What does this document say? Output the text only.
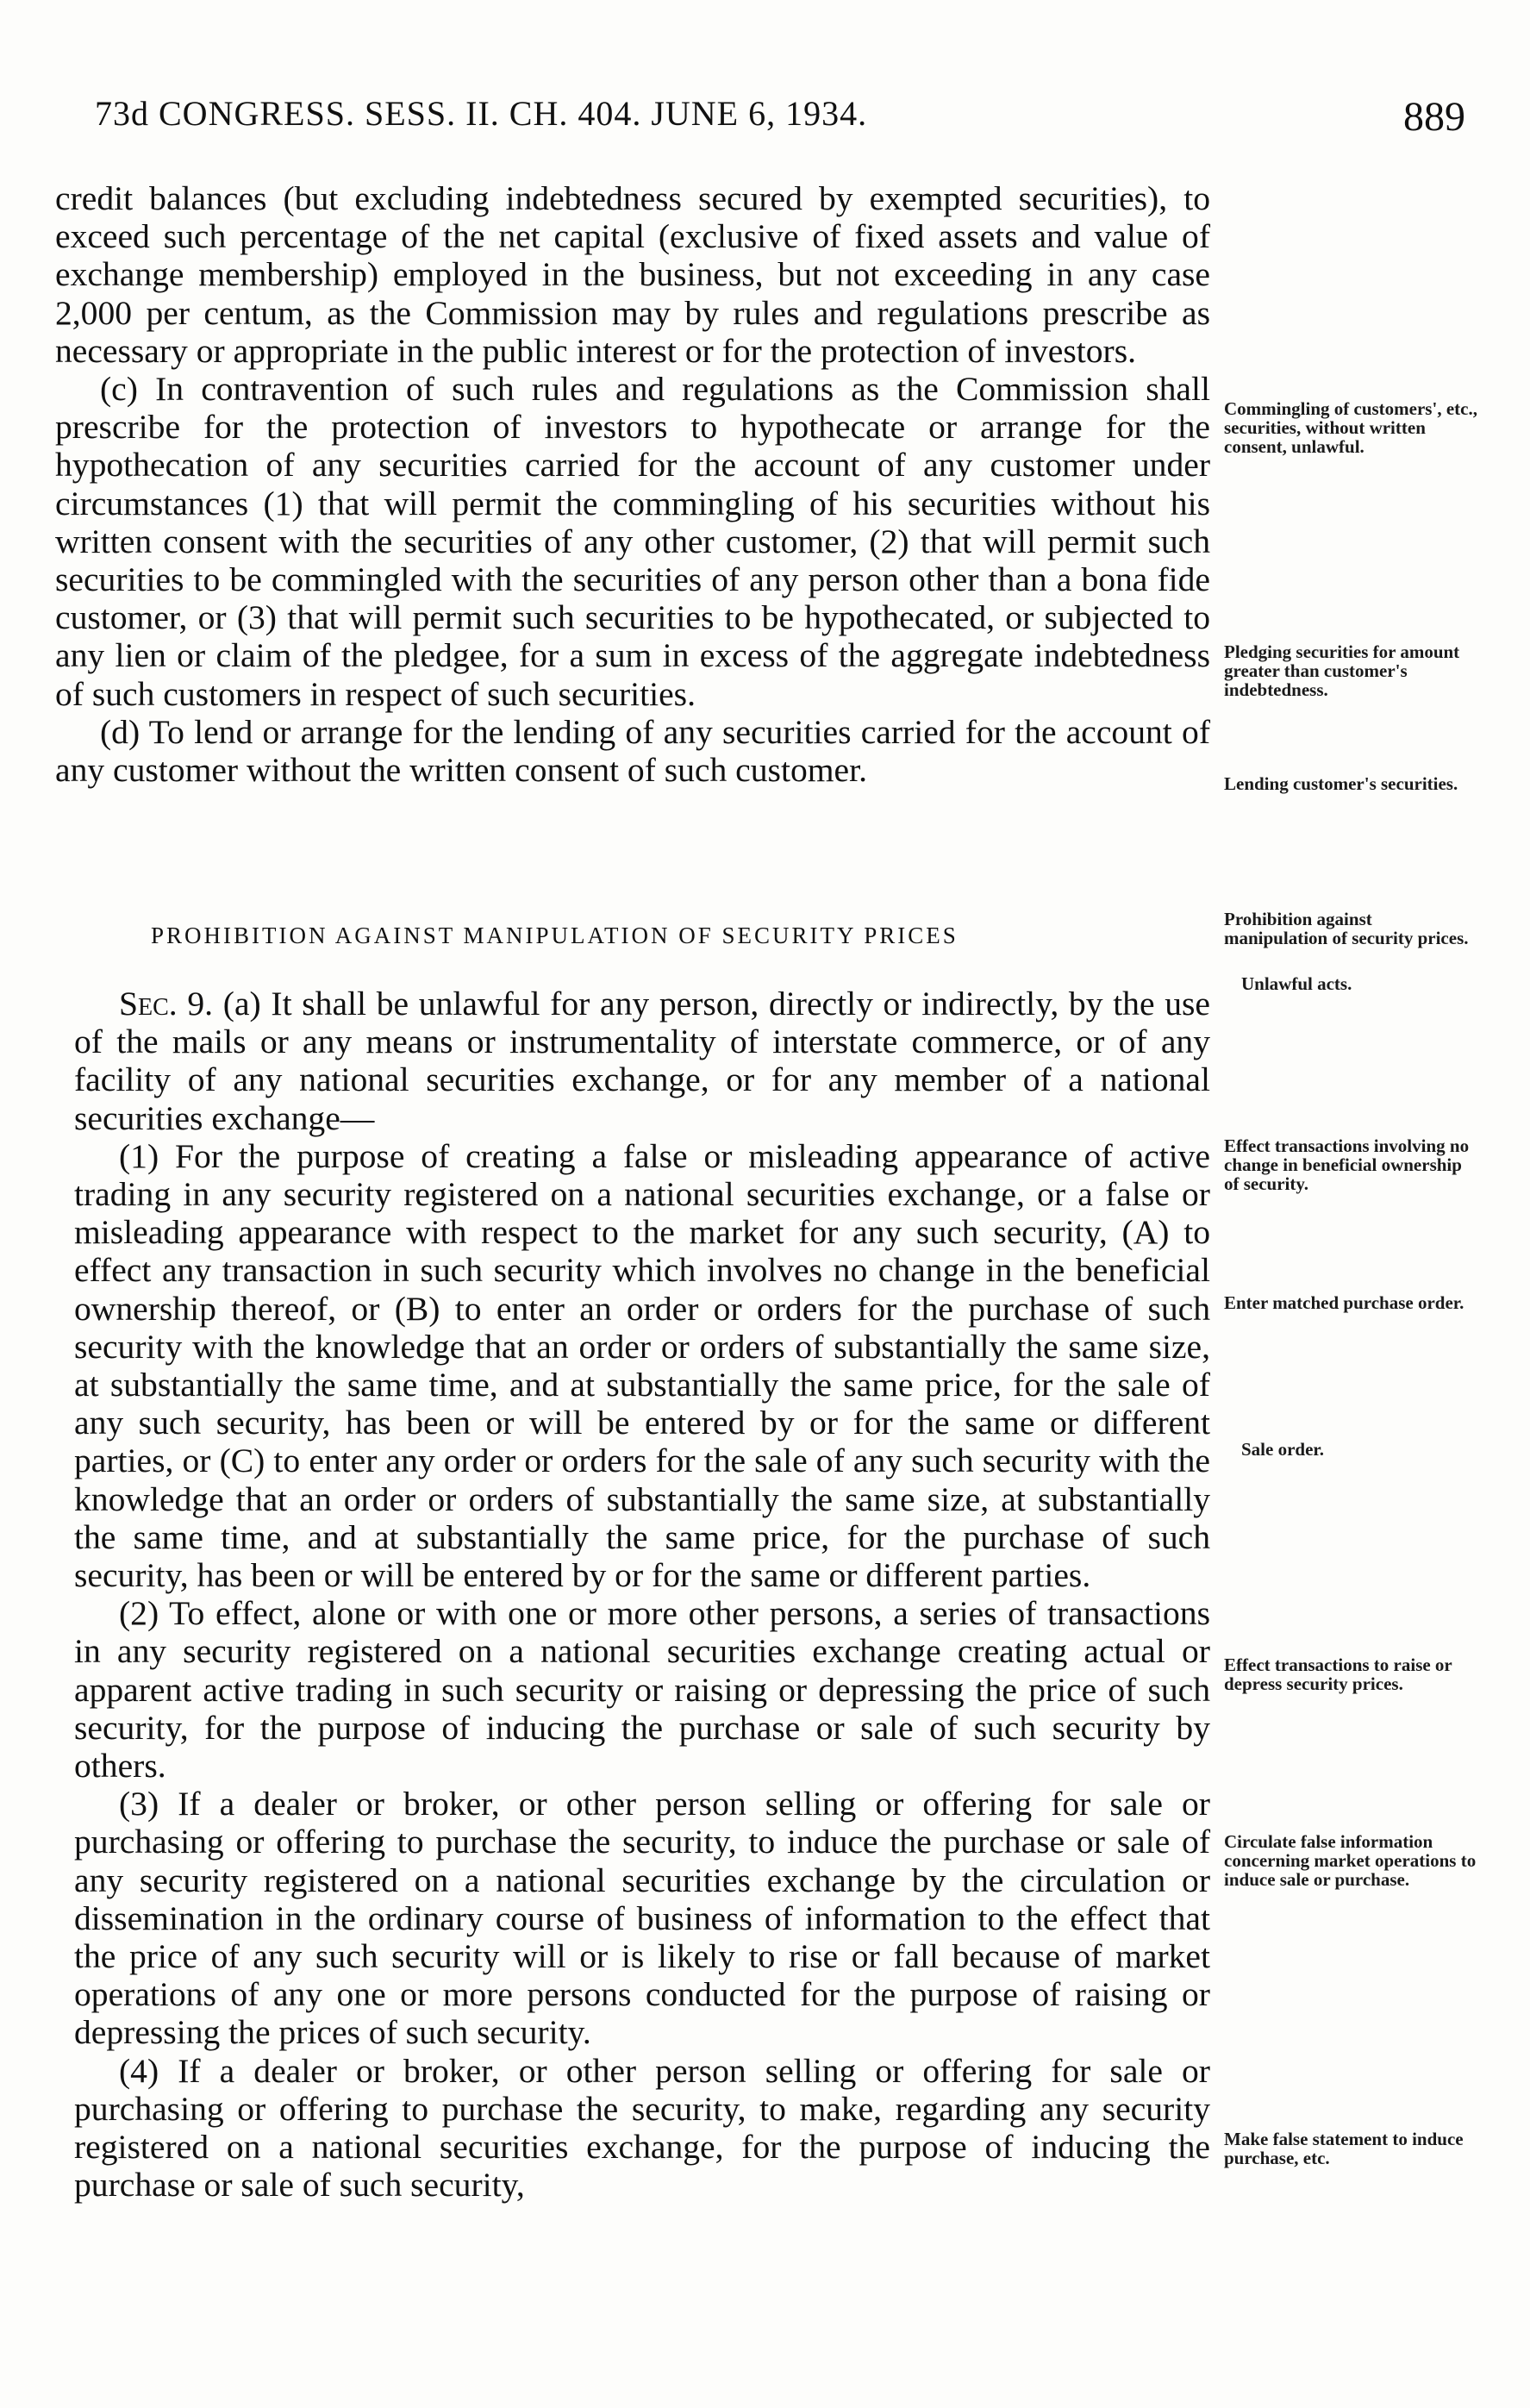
73d CONGRESS. SESS. II. CH. 404. JUNE 6, 1934.	889

credit balances (but excluding indebtedness secured by exempted securities), to exceed such percentage of the net capital (exclusive of fixed assets and value of exchange membership) employed in the business, but not exceeding in any case 2,000 per centum, as the Commission may by rules and regulations prescribe as necessary or appropriate in the public interest or for the protection of investors.

(c) In contravention of such rules and regulations as the Commission shall prescribe for the protection of investors to hypothecate or arrange for the hypothecation of any securities carried for the account of any customer under circumstances (1) that will permit the commingling of his securities without his written consent with the securities of any other customer, (2) that will permit such securities to be commingled with the securities of any person other than a bona fide customer, or (3) that will permit such securities to be hypothecated, or subjected to any lien or claim of the pledgee, for a sum in excess of the aggregate indebtedness of such customers in respect of such securities.

(d) To lend or arrange for the lending of any securities carried for the account of any customer without the written consent of such customer.

PROHIBITION AGAINST MANIPULATION OF SECURITY PRICES

Sec. 9. (a) It shall be unlawful for any person, directly or indirectly, by the use of the mails or any means or instrumentality of interstate commerce, or of any facility of any national securities exchange, or for any member of a national securities exchange—

(1) For the purpose of creating a false or misleading appearance of active trading in any security registered on a national securities exchange, or a false or misleading appearance with respect to the market for any such security, (A) to effect any transaction in such security which involves no change in the beneficial ownership thereof, or (B) to enter an order or orders for the purchase of such security with the knowledge that an order or orders of substantially the same size, at substantially the same time, and at substantially the same price, for the sale of any such security, has been or will be entered by or for the same or different parties, or (C) to enter any order or orders for the sale of any such security with the knowledge that an order or orders of substantially the same size, at substantially the same time, and at substantially the same price, for the purchase of such security, has been or will be entered by or for the same or different parties.

(2) To effect, alone or with one or more other persons, a series of transactions in any security registered on a national securities exchange creating actual or apparent active trading in such security or raising or depressing the price of such security, for the purpose of inducing the purchase or sale of such security by others.

(3) If a dealer or broker, or other person selling or offering for sale or purchasing or offering to purchase the security, to induce the purchase or sale of any security registered on a national securities exchange by the circulation or dissemination in the ordinary course of business of information to the effect that the price of any such security will or is likely to rise or fall because of market operations of any one or more persons conducted for the purpose of raising or depressing the prices of such security.

(4) If a dealer or broker, or other person selling or offering for sale or purchasing or offering to purchase the security, to make, regarding any security registered on a national securities exchange, for the purpose of inducing the purchase or sale of such security,

Commingling of customers', etc., securities, without written consent, unlawful.
Pledging securities for amount greater than customer's indebtedness.
Lending customer's securities.
Prohibition against manipulation of security prices.
Unlawful acts.
Effect transactions involving no change in beneficial ownership of security.
Enter matched purchase order.
Sale order.
Effect transactions to raise or depress security prices.
Circulate false information concerning market operations to induce sale or purchase.
Make false statement to induce purchase, etc.
